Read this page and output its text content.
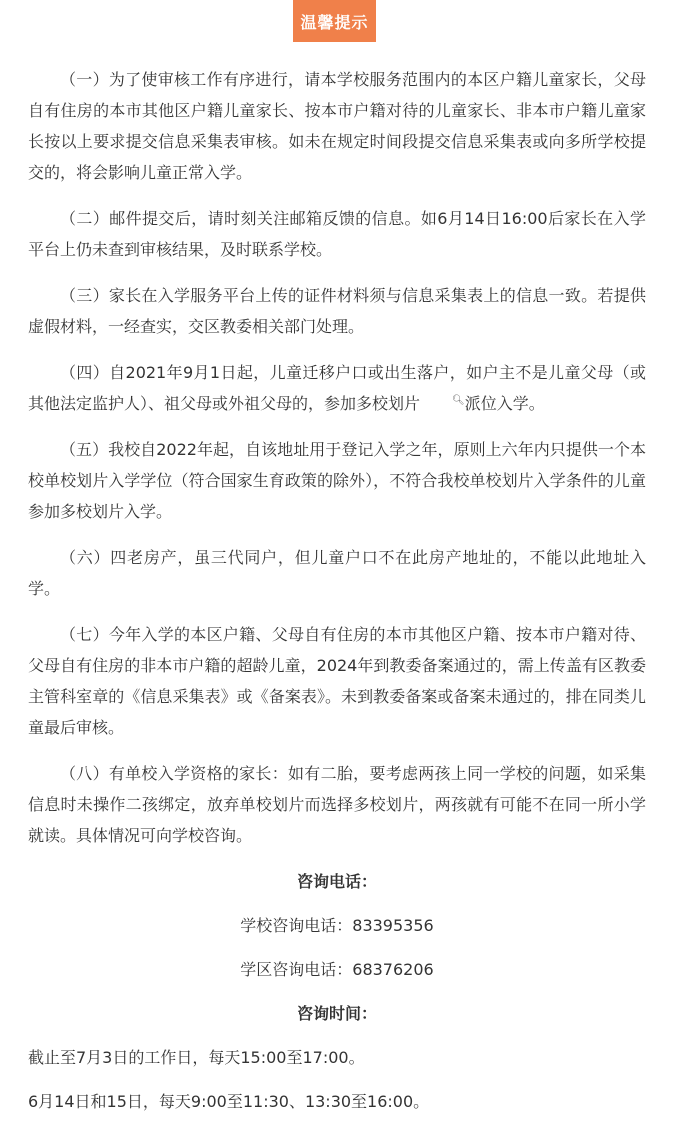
温馨提示

（一）为了使审核工作有序进行，请本学校服务范围内的本区户籍儿童家长，父母自有住房的本市其他区户籍儿童家长、按本市户籍对待的儿童家长、非本市户籍儿童家长按以上要求提交信息采集表审核。如未在规定时间段提交信息采集表或向多所学校提交的，将会影响儿童正常入学。

（二）邮件提交后，请时刻关注邮箱反馈的信息。如6月14日16:00后家长在入学平台上仍未查到审核结果，及时联系学校。

（三）家长在入学服务平台上传的证件材料须与信息采集表上的信息一致。若提供虚假材料，一经查实，交区教委相关部门处理。

（四）自2021年9月1日起，儿童迁移户口或出生落户，如户主不是儿童父母（或其他法定监护人）、祖父母或外祖父母的，参加多校划片	🔍︎派位入学。

（五）我校自2022年起，自该地址用于登记入学之年，原则上六年内只提供一个本校单校划片入学学位（符合国家生育政策的除外），不符合我校单校划片入学条件的儿童参加多校划片入学。

（六）四老房产，虽三代同户，但儿童户口不在此房产地址的，不能以此地址入学。

（七）今年入学的本区户籍、父母自有住房的本市其他区户籍、按本市户籍对待、父母自有住房的非本市户籍的超龄儿童，2024年到教委备案通过的，需上传盖有区教委主管科室章的《信息采集表》或《备案表》。未到教委备案或备案未通过的，排在同类儿童最后审核。

（八）有单校入学资格的家长：如有二胎，要考虑两孩上同一学校的问题，如采集信息时未操作二孩绑定，放弃单校划片而选择多校划片，两孩就有可能不在同一所小学就读。具体情况可向学校咨询。

咨询电话：
学校咨询电话：83395356
学区咨询电话：68376206
咨询时间：
截止至7月3日的工作日，每天15:00至17:00。
6月14日和15日，每天9:00至11:30、13:30至16:00。
